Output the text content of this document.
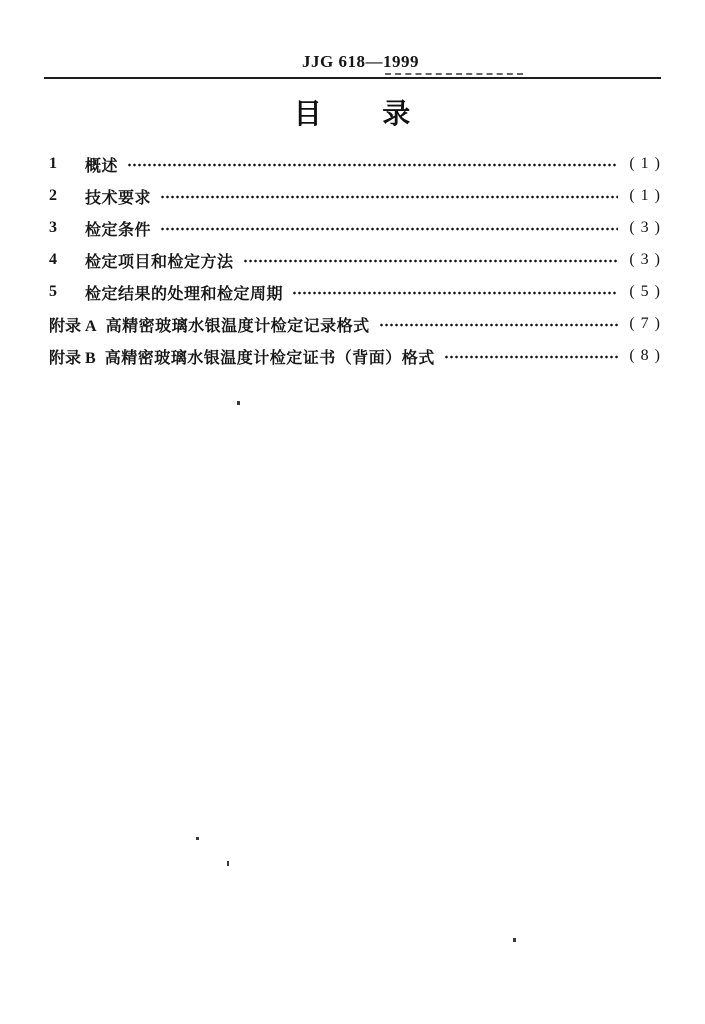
JJG 618—1999
目  录
1	概述	( 1 )
2	技术要求	( 1 )
3	检定条件	( 3 )
4	检定项目和检定方法	( 3 )
5	检定结果的处理和检定周期	( 5 )
附录 A 高精密玻璃水银温度计检定记录格式	( 7 )
附录 B 高精密玻璃水银温度计检定证书（背面）格式	( 8 )
